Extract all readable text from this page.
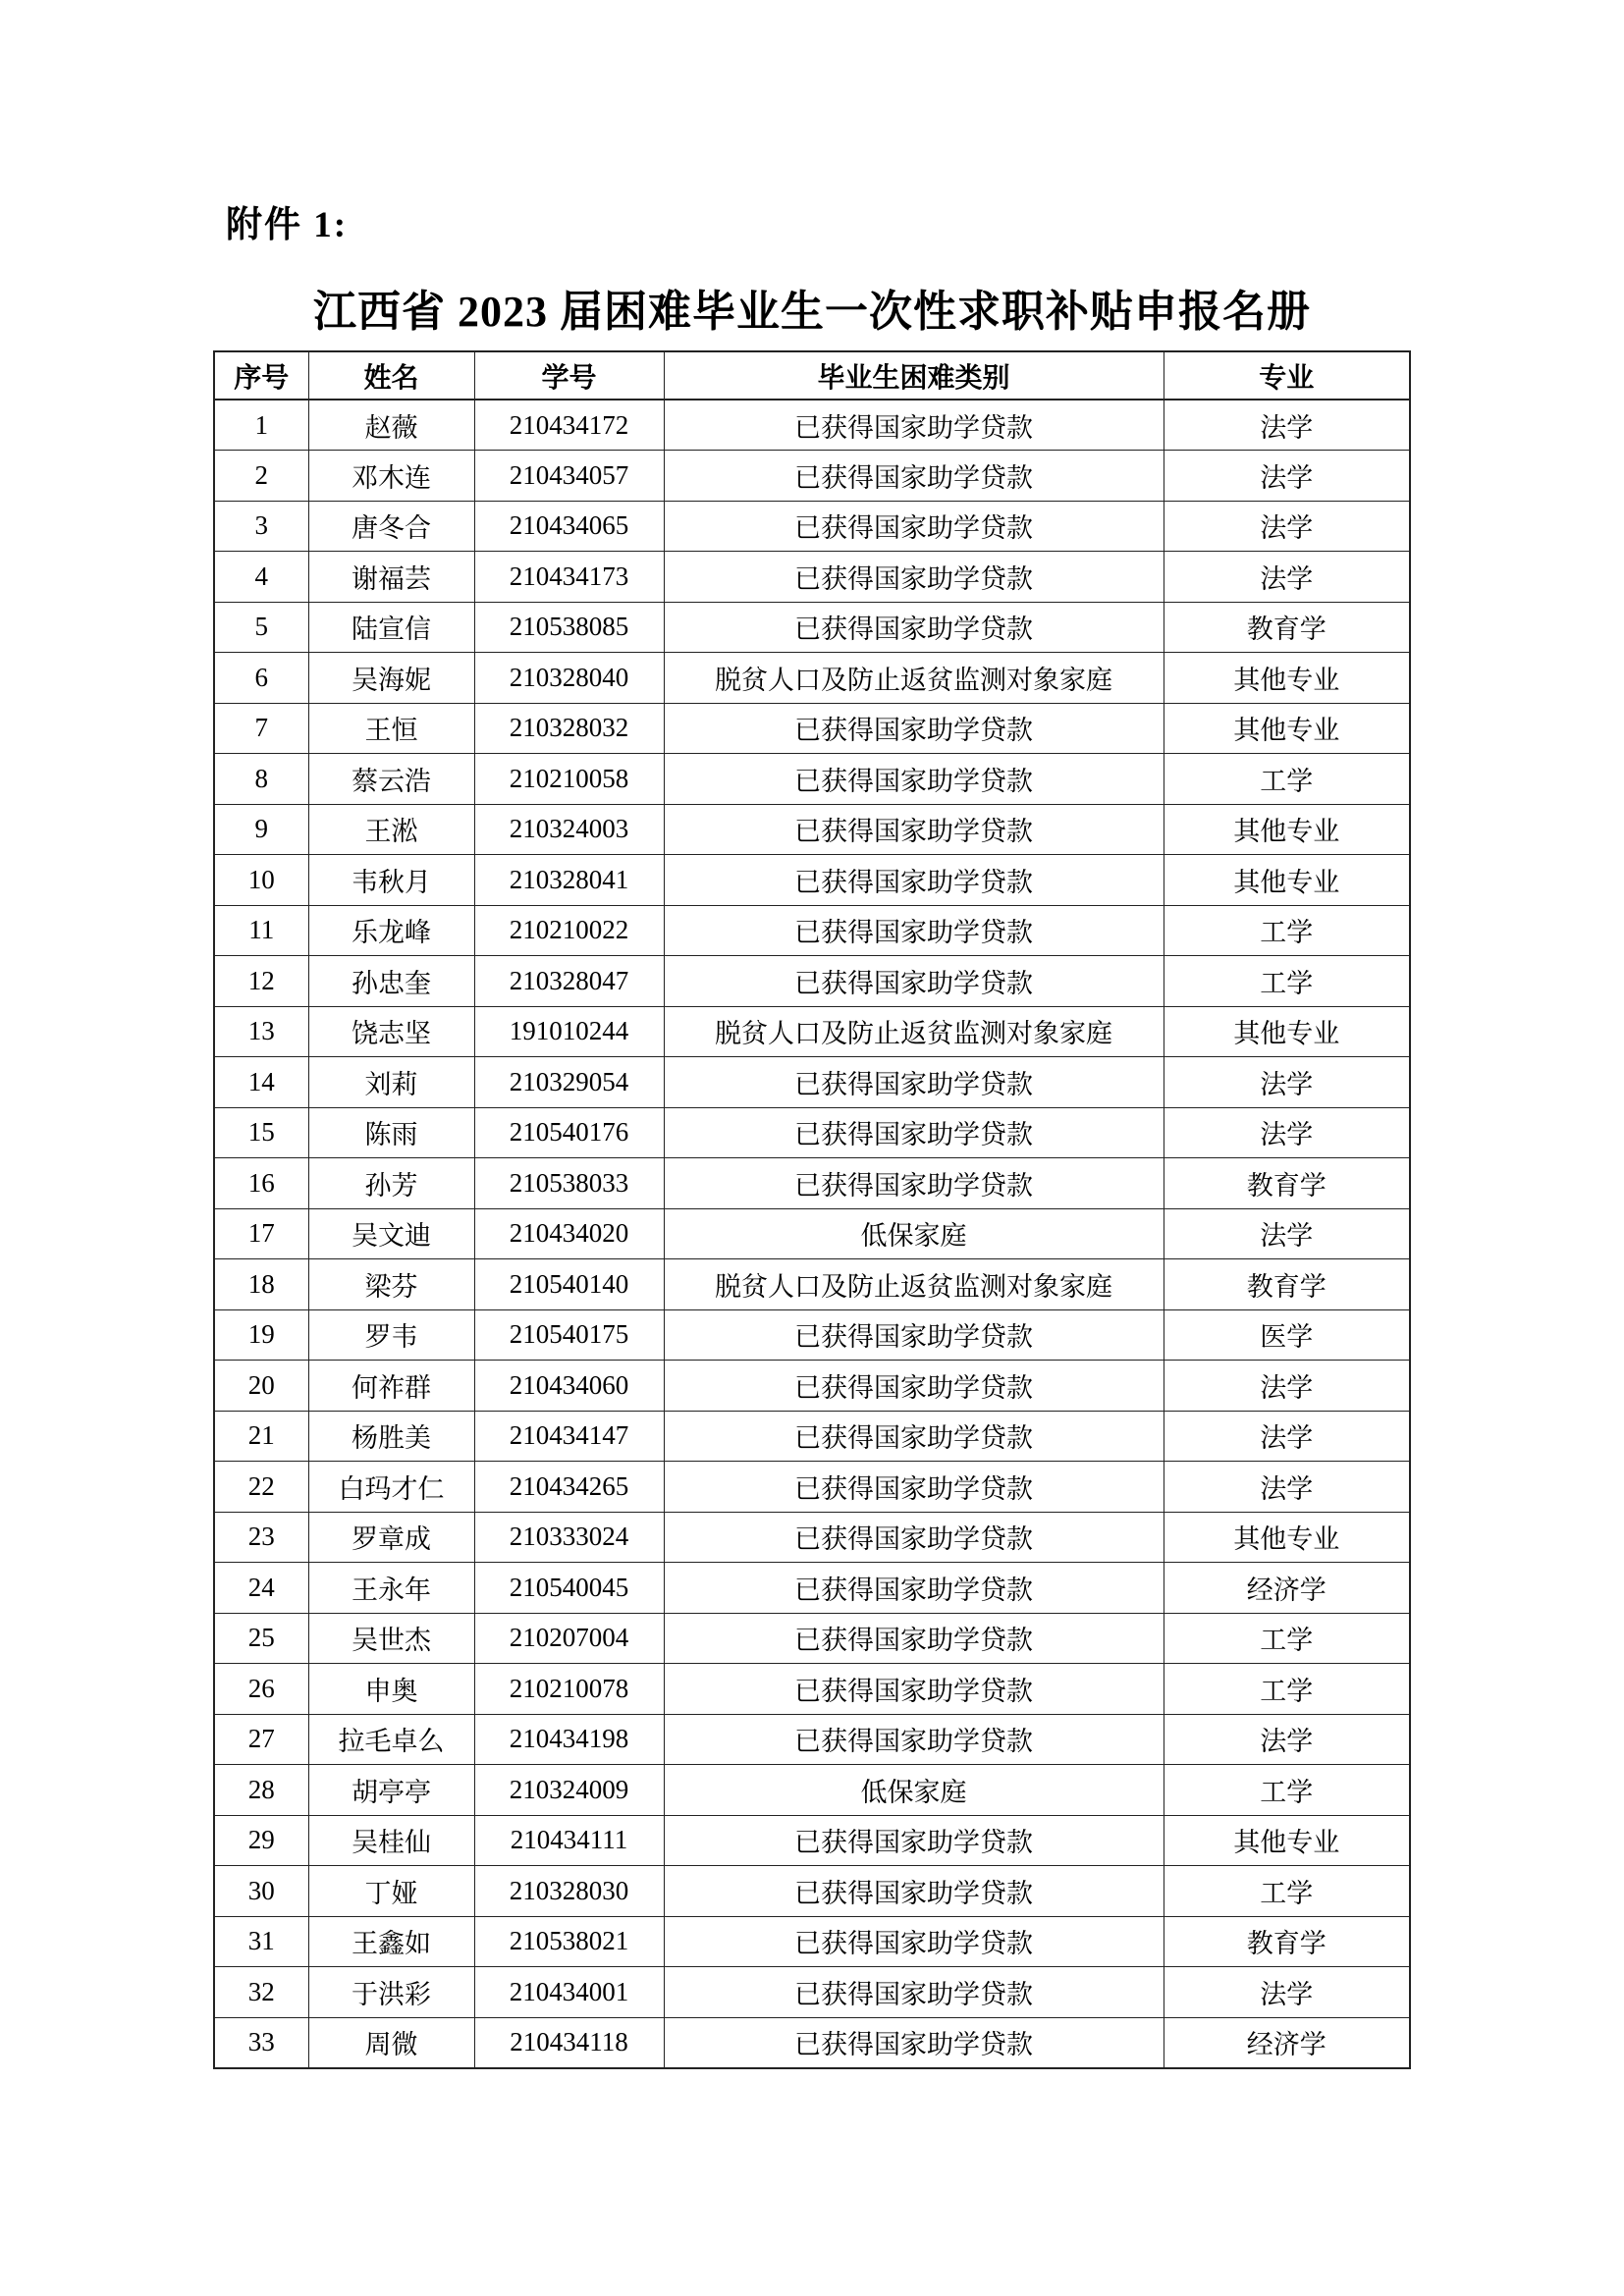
附件 1:
江西省 2023 届困难毕业生一次性求职补贴申报名册
序号	姓名	学号	毕业生困难类别	专业
1	赵薇	210434172	已获得国家助学贷款	法学
2	邓木连	210434057	已获得国家助学贷款	法学
3	唐冬合	210434065	已获得国家助学贷款	法学
4	谢福芸	210434173	已获得国家助学贷款	法学
5	陆宣信	210538085	已获得国家助学贷款	教育学
6	吴海妮	210328040	脱贫人口及防止返贫监测对象家庭	其他专业
7	王恒	210328032	已获得国家助学贷款	其他专业
8	蔡云浩	210210058	已获得国家助学贷款	工学
9	王淞	210324003	已获得国家助学贷款	其他专业
10	韦秋月	210328041	已获得国家助学贷款	其他专业
11	乐龙峰	210210022	已获得国家助学贷款	工学
12	孙忠奎	210328047	已获得国家助学贷款	工学
13	饶志坚	191010244	脱贫人口及防止返贫监测对象家庭	其他专业
14	刘莉	210329054	已获得国家助学贷款	法学
15	陈雨	210540176	已获得国家助学贷款	法学
16	孙芳	210538033	已获得国家助学贷款	教育学
17	吴文迪	210434020	低保家庭	法学
18	梁芬	210540140	脱贫人口及防止返贫监测对象家庭	教育学
19	罗韦	210540175	已获得国家助学贷款	医学
20	何祚群	210434060	已获得国家助学贷款	法学
21	杨胜美	210434147	已获得国家助学贷款	法学
22	白玛才仁	210434265	已获得国家助学贷款	法学
23	罗章成	210333024	已获得国家助学贷款	其他专业
24	王永年	210540045	已获得国家助学贷款	经济学
25	吴世杰	210207004	已获得国家助学贷款	工学
26	申奥	210210078	已获得国家助学贷款	工学
27	拉毛卓么	210434198	已获得国家助学贷款	法学
28	胡亭亭	210324009	低保家庭	工学
29	吴桂仙	210434111	已获得国家助学贷款	其他专业
30	丁娅	210328030	已获得国家助学贷款	工学
31	王鑫如	210538021	已获得国家助学贷款	教育学
32	于洪彩	210434001	已获得国家助学贷款	法学
33	周微	210434118	已获得国家助学贷款	经济学
